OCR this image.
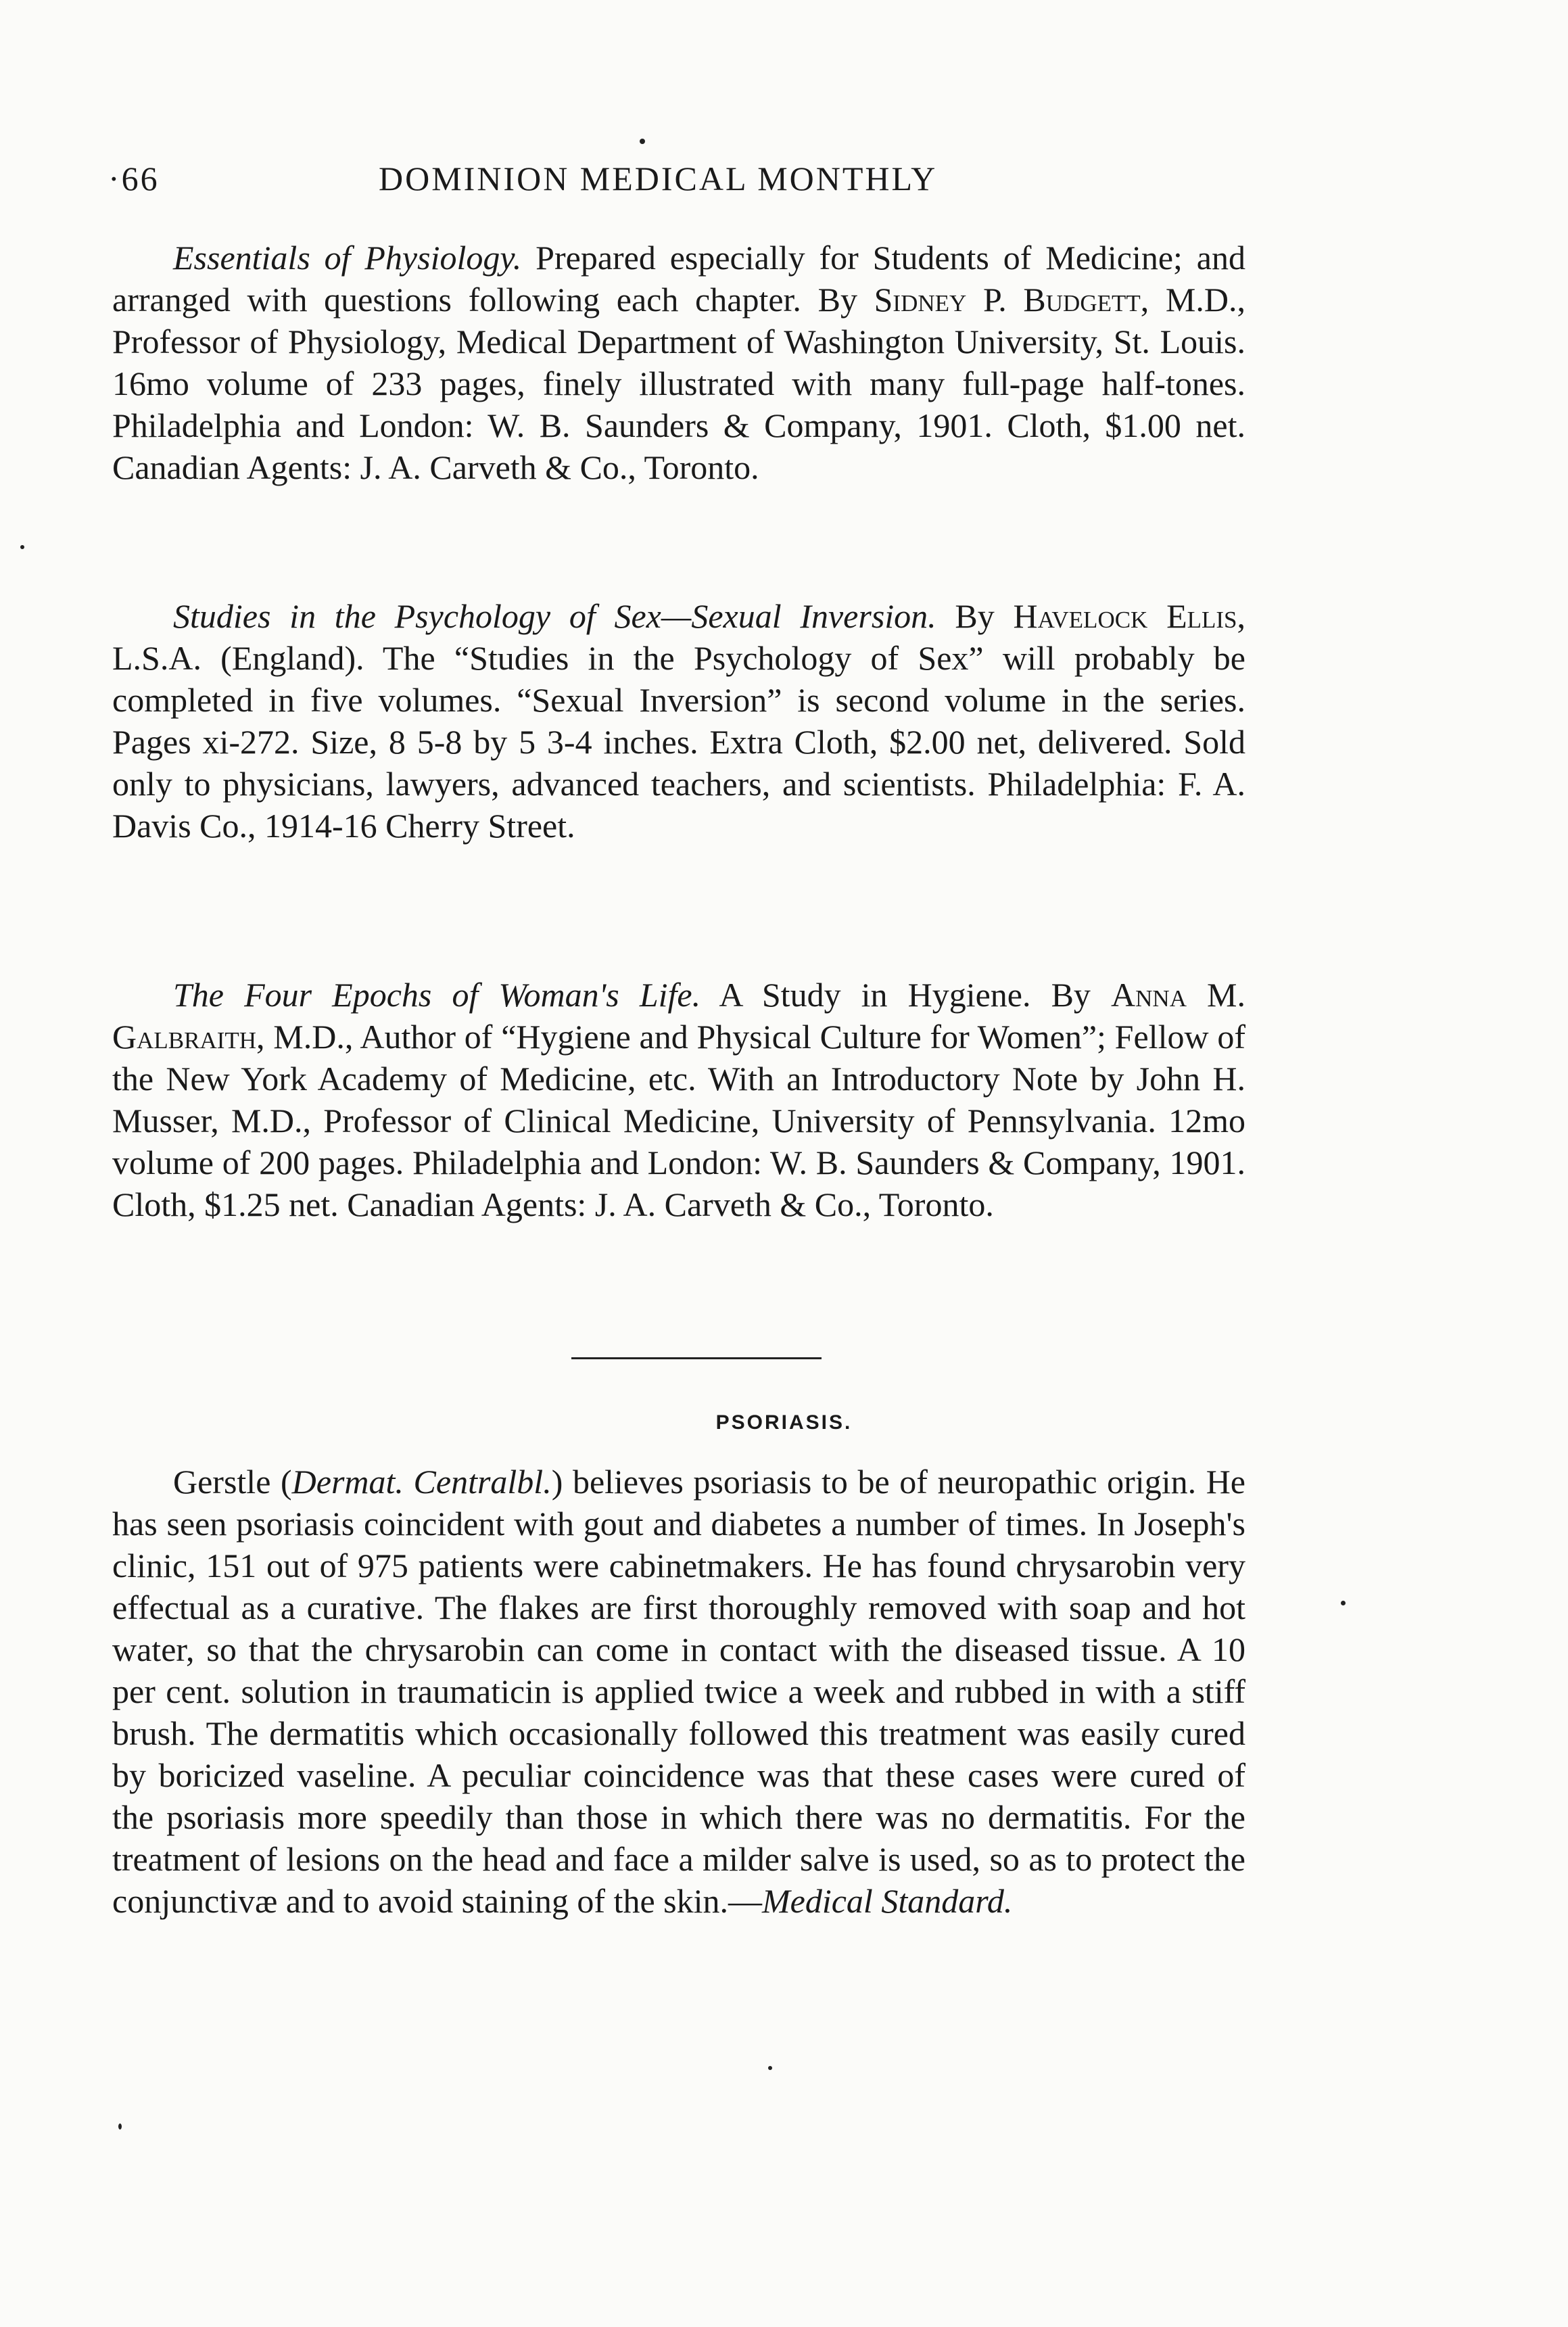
·66	DOMINION MEDICAL MONTHLY

Essentials of Physiology. Prepared especially for Students of Medicine; and arranged with questions following each chapter. By Sidney P. Budgett, M.D., Professor of Physiology, Medical Department of Washington University, St. Louis. 16mo volume of 233 pages, finely illustrated with many full-page half-tones. Philadelphia and London: W. B. Saunders & Company, 1901. Cloth, $1.00 net. Canadian Agents: J. A. Carveth & Co., Toronto.

Studies in the Psychology of Sex—Sexual Inversion. By Havelock Ellis, L.S.A. (England). The “Studies in the Psychology of Sex” will probably be completed in five volumes. “Sexual Inversion” is second volume in the series. Pages xi-272. Size, 8 5-8 by 5 3-4 inches. Extra Cloth, $2.00 net, delivered. Sold only to physicians, lawyers, advanced teachers, and scientists. Philadelphia: F. A. Davis Co., 1914-16 Cherry Street.

The Four Epochs of Woman's Life. A Study in Hygiene. By Anna M. Galbraith, M.D., Author of “Hygiene and Physical Culture for Women”; Fellow of the New York Academy of Medicine, etc. With an Introductory Note by John H. Musser, M.D., Professor of Clinical Medicine, University of Pennsylvania. 12mo volume of 200 pages. Philadelphia and London: W. B. Saunders & Company, 1901. Cloth, $1.25 net. Canadian Agents: J. A. Carveth & Co., Toronto.

PSORIASIS.

Gerstle (Dermat. Centralbl.) believes psoriasis to be of neuropathic origin. He has seen psoriasis coincident with gout and diabetes a number of times. In Joseph's clinic, 151 out of 975 patients were cabinetmakers. He has found chrysarobin very effectual as a curative. The flakes are first thoroughly removed with soap and hot water, so that the chrysarobin can come in contact with the diseased tissue. A 10 per cent. solution in traumaticin is applied twice a week and rubbed in with a stiff brush. The dermatitis which occasionally followed this treatment was easily cured by boricized vaseline. A peculiar coincidence was that these cases were cured of the psoriasis more speedily than those in which there was no dermatitis. For the treatment of lesions on the head and face a milder salve is used, so as to protect the conjunctivæ and to avoid staining of the skin.—Medical Standard.
